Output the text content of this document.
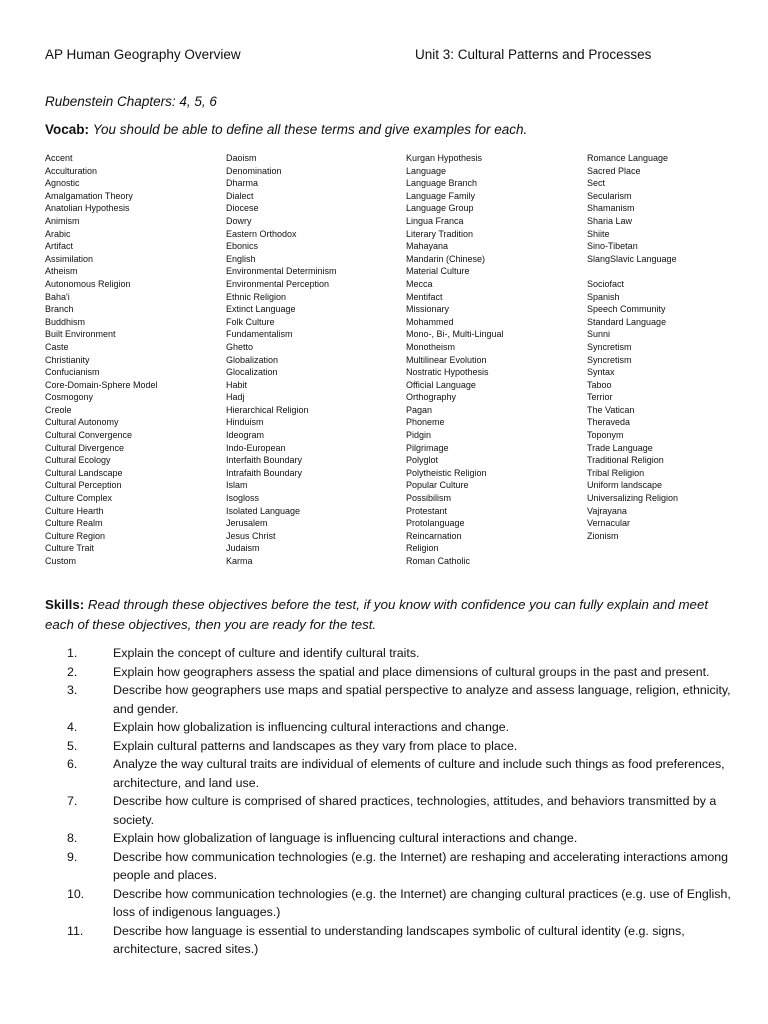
AP Human Geography Overview	Unit 3: Cultural Patterns and Processes
Rubenstein Chapters: 4, 5, 6
Vocab: You should be able to define all these terms and give examples for each.
Accent
Acculturation
Agnostic
Amalgamation Theory
Anatolian Hypothesis
Animism
Arabic
Artifact
Assimilation
Atheism
Autonomous Religion
Baha'i
Branch
Buddhism
Built Environment
Caste
Christianity
Confucianism
Core-Domain-Sphere Model
Cosmogony
Creole
Cultural Autonomy
Cultural Convergence
Cultural Divergence
Cultural Ecology
Cultural Landscape
Cultural Perception
Culture Complex
Culture Hearth
Culture Realm
Culture Region
Culture Trait
Custom
Daoism
Denomination
Dharma
Dialect
Diocese
Dowry
Eastern Orthodox
Ebonics
English
Environmental Determinism
Environmental Perception
Ethnic Religion
Extinct Language
Folk Culture
Fundamentalism
Ghetto
Globalization
Glocalization
Habit
Hadj
Hierarchical Religion
Hinduism
Ideogram
Indo-European
Interfaith Boundary
Intrafaith Boundary
Islam
Isogloss
Isolated Language
Jerusalem
Jesus Christ
Judaism
Karma
Kurgan Hypothesis
Language
Language Branch
Language Family
Language Group
Lingua Franca
Literary Tradition
Mahayana
Mandarin (Chinese)
Material Culture
Mecca
Mentifact
Missionary
Mohammed
Mono-, Bi-, Multi-Lingual
Monotheism
Multilinear Evolution
Nostratic Hypothesis
Official Language
Orthography
Pagan
Phoneme
Pidgin
Pilgrimage
Polyglot
Polytheistic Religion
Popular Culture
Possibilism
Protestant
Protolanguage
Reincarnation
Religion
Roman Catholic
Romance Language
Sacred Place
Sect
Secularism
Shamanism
Sharia Law
Shiite
Sino-Tibetan
SlangSlavic Language
Sociofact
Spanish
Speech Community
Standard Language
Sunni
Syncretism
Syncretism
Syntax
Taboo
Terrior
The Vatican
Theraveda
Toponym
Trade Language
Traditional Religion
Tribal Religion
Uniform landscape
Universalizing Religion
Vajrayana
Vernacular
Zionism
Skills: Read through these objectives before the test, if you know with confidence you can fully explain and meet each of these objectives, then you are ready for the test.
1.	Explain the concept of culture and identify cultural traits.
2.	Explain how geographers assess the spatial and place dimensions of cultural groups in the past and present.
3.	Describe how geographers use maps and spatial perspective to analyze and assess language, religion, ethnicity, and gender.
4.	Explain how globalization is influencing cultural interactions and change.
5.	Explain cultural patterns and landscapes as they vary from place to place.
6.	Analyze the way cultural traits are individual of elements of culture and include such things as food preferences, architecture, and land use.
7.	Describe how culture is comprised of shared practices, technologies, attitudes, and behaviors transmitted by a society.
8.	Explain how globalization of language is influencing cultural interactions and change.
9.	Describe how communication technologies (e.g. the Internet) are reshaping and accelerating interactions among people and places.
10.	Describe how communication technologies (e.g. the Internet) are changing cultural practices (e.g. use of English, loss of indigenous languages.)
11.	Describe how language is essential to understanding landscapes symbolic of cultural identity (e.g. signs, architecture, sacred sites.)
